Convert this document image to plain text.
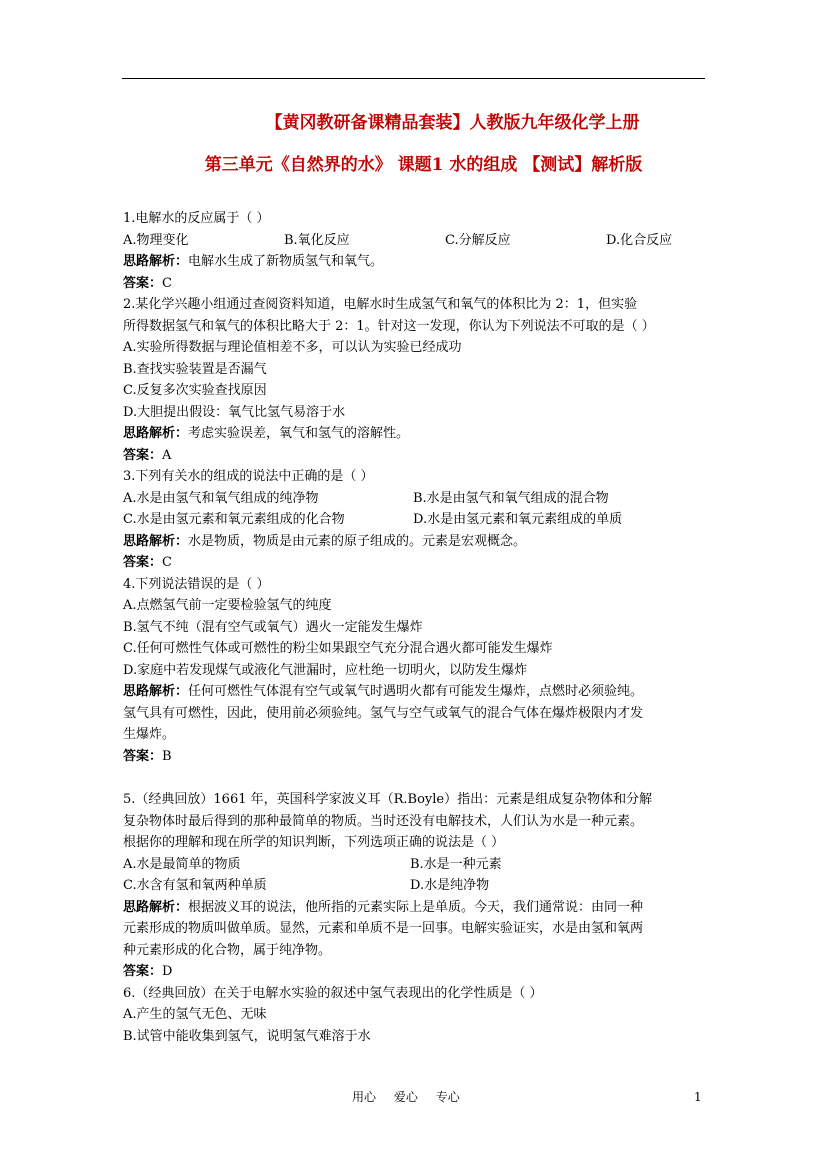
【黄冈教研备课精品套装】人教版九年级化学上册
第三单元《自然界的水》 课题1 水的组成 【测试】解析版
1.电解水的反应属于（ ）
A.物理变化	B.氧化反应	C.分解反应	D.化合反应
思路解析：电解水生成了新物质氢气和氧气。
答案：C
2.某化学兴趣小组通过查阅资料知道，电解水时生成氢气和氧气的体积比为 2：1，但实验
所得数据氢气和氧气的体积比略大于 2：1。针对这一发现，你认为下列说法不可取的是（ ）
A.实验所得数据与理论值相差不多，可以认为实验已经成功
B.查找实验装置是否漏气
C.反复多次实验查找原因
D.大胆提出假设：氧气比氢气易溶于水
思路解析：考虑实验误差，氧气和氢气的溶解性。
答案：A
3.下列有关水的组成的说法中正确的是（ ）
A.水是由氢气和氧气组成的纯净物	B.水是由氢气和氧气组成的混合物
C.水是由氢元素和氧元素组成的化合物	D.水是由氢元素和氧元素组成的单质
思路解析：水是物质，物质是由元素的原子组成的。元素是宏观概念。
答案：C
4.下列说法错误的是（ ）
A.点燃氢气前一定要检验氢气的纯度
B.氢气不纯（混有空气或氧气）遇火一定能发生爆炸
C.任何可燃性气体或可燃性的粉尘如果跟空气充分混合遇火都可能发生爆炸
D.家庭中若发现煤气或液化气泄漏时，应杜绝一切明火，以防发生爆炸
思路解析：任何可燃性气体混有空气或氧气时遇明火都有可能发生爆炸，点燃时必须验纯。
氢气具有可燃性，因此，使用前必须验纯。氢气与空气或氧气的混合气体在爆炸极限内才发
生爆炸。
答案：B
5.（经典回放）1661 年，英国科学家波义耳（R.Boyle）指出：元素是组成复杂物体和分解
复杂物体时最后得到的那种最简单的物质。当时还没有电解技术，人们认为水是一种元素。
根据你的理解和现在所学的知识判断，下列选项正确的说法是（ ）
A.水是最简单的物质	B.水是一种元素
C.水含有氢和氧两种单质	D.水是纯净物
思路解析：根据波义耳的说法，他所指的元素实际上是单质。今天，我们通常说：由同一种
元素形成的物质叫做单质。显然，元素和单质不是一回事。电解实验证实，水是由氢和氧两
种元素形成的化合物，属于纯净物。
答案：D
6.（经典回放）在关于电解水实验的叙述中氢气表现出的化学性质是（ ）
A.产生的氢气无色、无味
B.试管中能收集到氢气，说明氢气难溶于水
用心 爱心 专心	1
